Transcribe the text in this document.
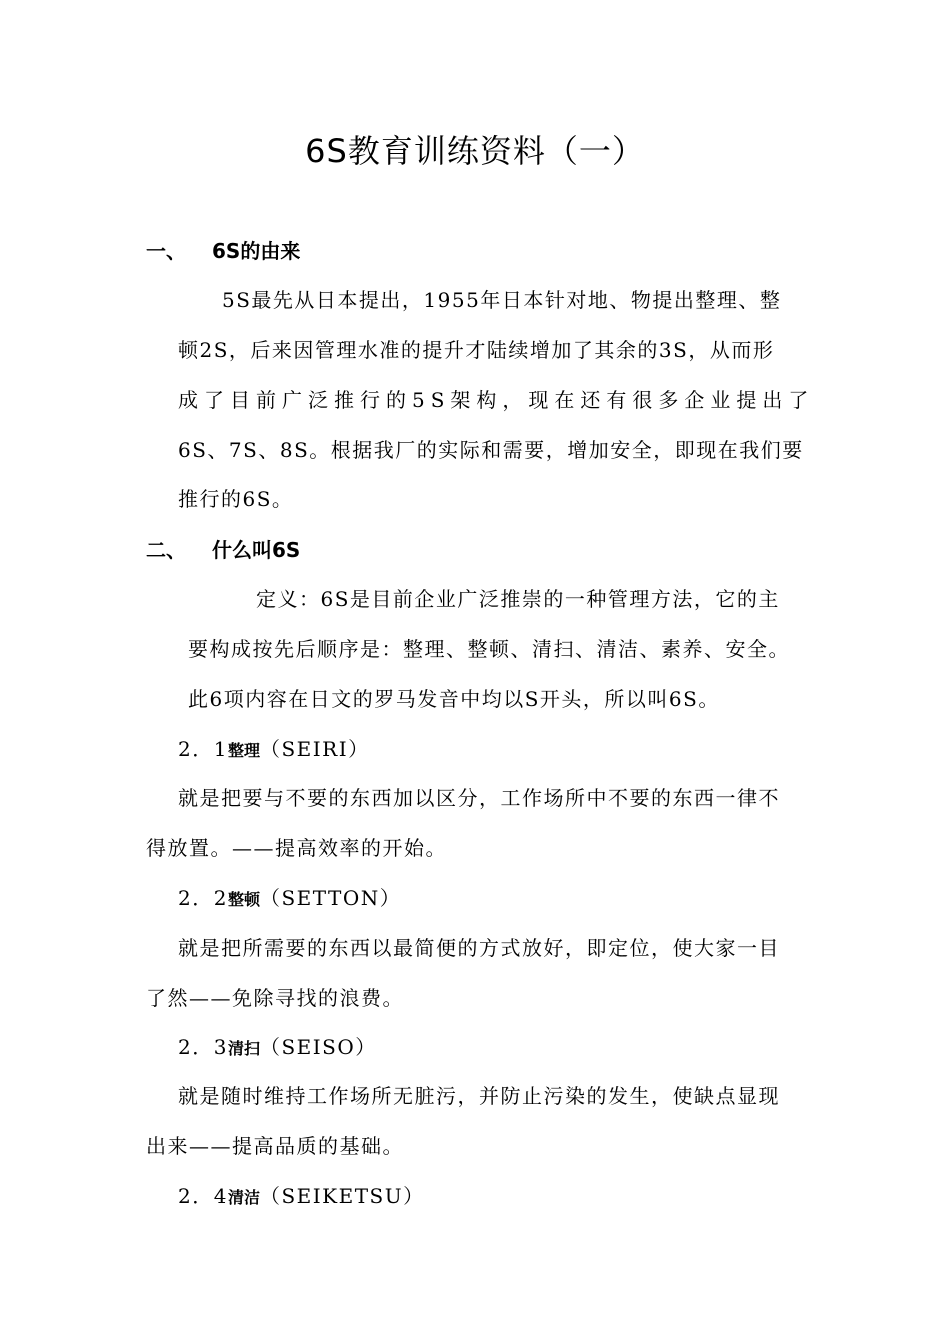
6S教育训练资料（一）
一、 6S的由来
5S最先从日本提出，1955年日本针对地、物提出整理、整
顿2S，后来因管理水准的提升才陆续增加了其余的3S，从而形
成了目前广泛推行的5S架构，现在还有很多企业提出了
6S、7S、8S。根据我厂的实际和需要，增加安全，即现在我们要
推行的6S。
二、 什么叫6S
定义：6S是目前企业广泛推崇的一种管理方法，它的主
要构成按先后顺序是：整理、整顿、清扫、清洁、素养、安全。
此6项内容在日文的罗马发音中均以S开头，所以叫6S。
2．1整理（SEIRI）
就是把要与不要的东西加以区分，工作场所中不要的东西一律不
得放置。——提高效率的开始。
2．2整顿（SETTON）
就是把所需要的东西以最简便的方式放好，即定位，使大家一目
了然——免除寻找的浪费。
2．3清扫（SEISO）
就是随时维持工作场所无脏污，并防止污染的发生，使缺点显现
出来——提高品质的基础。
2．4清洁（SEIKETSU）
